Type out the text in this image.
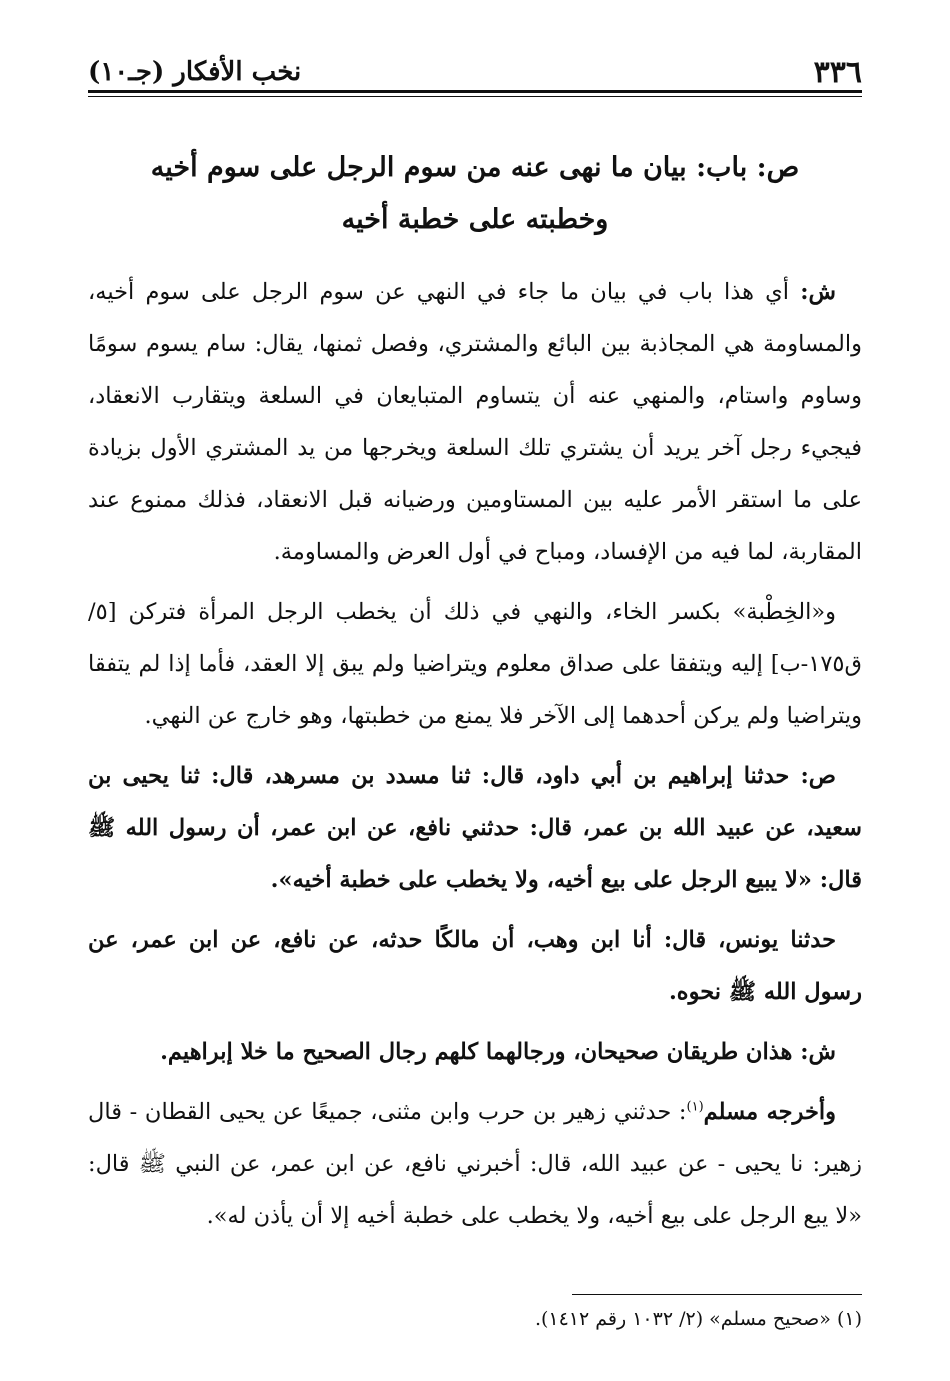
٣٣٦
نخب الأفكار (جـ١٠)
ص: باب: بيان ما نهى عنه من سوم الرجل على سوم أخيه
وخطبته على خطبة أخيه

ش: أي هذا باب في بيان ما جاء في النهي عن سوم الرجل على سوم أخيه، والمساومة هي المجاذبة بين البائع والمشتري، وفصل ثمنها، يقال: سام يسوم سومًا وساوم واستام، والمنهي عنه أن يتساوم المتبايعان في السلعة ويتقارب الانعقاد، فيجيء رجل آخر يريد أن يشتري تلك السلعة ويخرجها من يد المشتري الأول بزيادة على ما استقر الأمر عليه بين المستاومين ورضيانه قبل الانعقاد، فذلك ممنوع عند المقاربة، لما فيه من الإفساد، ومباح في أول العرض والمساومة.

و«الخِطْبة» بكسر الخاء، والنهي في ذلك أن يخطب الرجل المرأة فتركن [٥/ق١٧٥-ب] إليه ويتفقا على صداق معلوم ويتراضيا ولم يبق إلا العقد، فأما إذا لم يتفقا ويتراضيا ولم يركن أحدهما إلى الآخر فلا يمنع من خطبتها، وهو خارج عن النهي.

ص: حدثنا إبراهيم بن أبي داود، قال: ثنا مسدد بن مسرهد، قال: ثنا يحيى بن سعيد، عن عبيد الله بن عمر، قال: حدثني نافع، عن ابن عمر، أن رسول الله ﷺ قال: «لا يبيع الرجل على بيع أخيه، ولا يخطب على خطبة أخيه».

حدثنا يونس، قال: أنا ابن وهب، أن مالكًا حدثه، عن نافع، عن ابن عمر، عن رسول الله ﷺ نحوه.

ش: هذان طريقان صحيحان، ورجالهما كلهم رجال الصحيح ما خلا إبراهيم.

وأخرجه مسلم$^{(١)}$: حدثني زهير بن حرب وابن مثنى، جميعًا عن يحيى القطان - قال زهير: نا يحيى - عن عبيد الله، قال: أخبرني نافع، عن ابن عمر، عن النبي ﷺ قال: «لا يبع الرجل على بيع أخيه، ولا يخطب على خطبة أخيه إلا أن يأذن له».

(١) «صحيح مسلم» (٢/ ١٠٣٢ رقم ١٤١٢).
